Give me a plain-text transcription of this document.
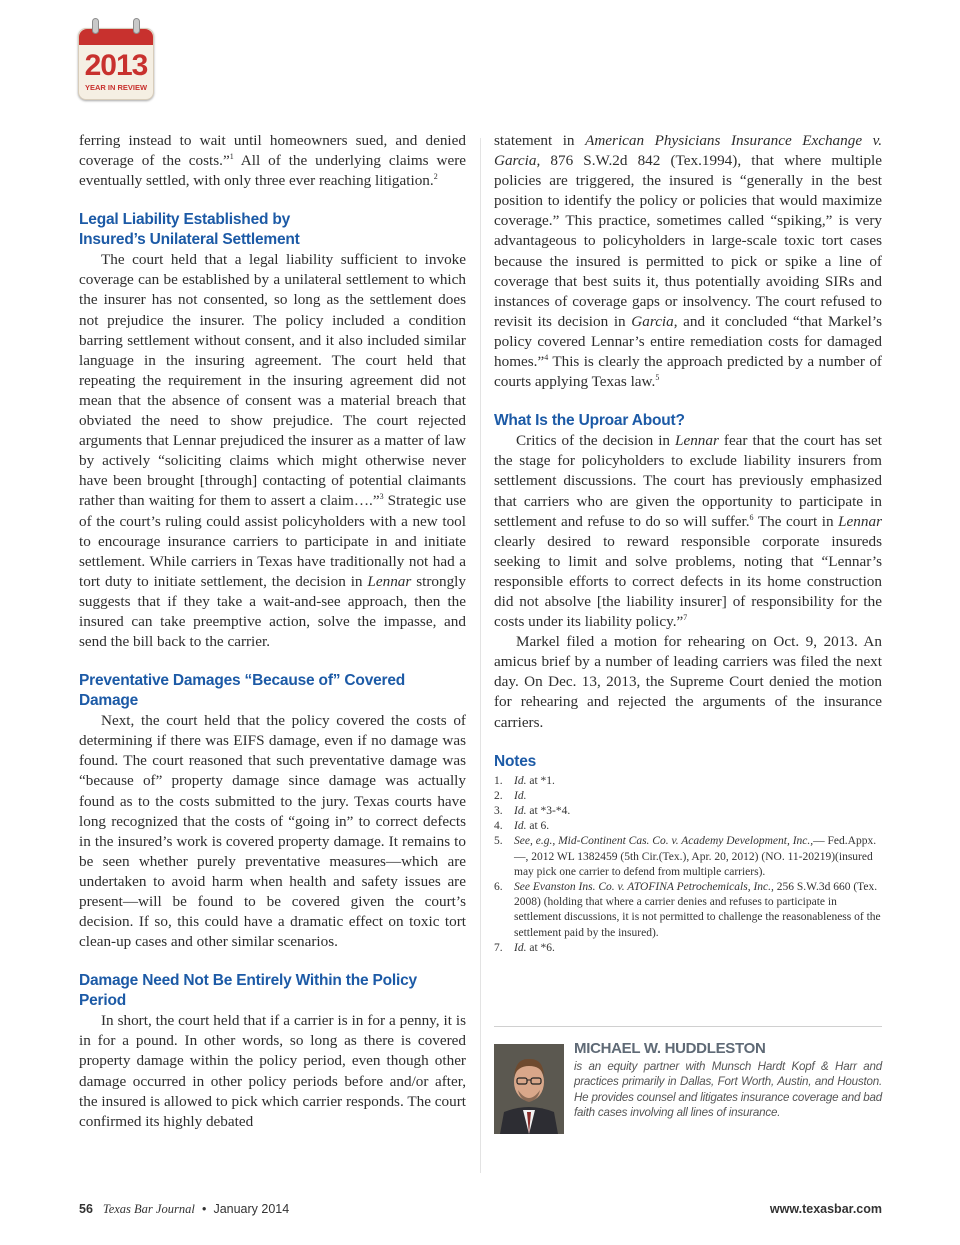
2013
YEAR IN REVIEW

ferring instead to wait until homeowners sued, and denied coverage of the costs.”$^1$ All of the underlying claims were eventually settled, with only three ever reaching litigation.$^2$

Legal Liability Established by
Insured’s Unilateral Settlement

The court held that a legal liability sufficient to invoke coverage can be established by a unilateral settlement to which the insurer has not consented, so long as the settlement does not prejudice the insurer. The policy included a condition barring settlement without consent, and it also included similar language in the insuring agreement. The court held that repeating the requirement in the insuring agreement did not mean that the absence of consent was a material breach that obviated the need to show prejudice. The court rejected arguments that Lennar prejudiced the insurer as a matter of law by actively “soliciting claims which might otherwise never have been brought [through] contacting of potential claimants rather than waiting for them to assert a claim….”$^3$ Strategic use of the court’s ruling could assist policyholders with a new tool to encourage insurance carriers to participate in and initiate settlement. While carriers in Texas have traditionally not had a tort duty to initiate settlement, the decision in Lennar strongly suggests that if they take a wait-and-see approach, then the insured can take preemptive action, solve the impasse, and send the bill back to the carrier.

Preventative Damages “Because of” Covered Damage

Next, the court held that the policy covered the costs of determining if there was EIFS damage, even if no damage was found. The court reasoned that such preventative damage was “because of” property damage since damage was actually found as to the costs submitted to the jury. Texas courts have long recognized that the costs of “going in” to correct defects in the insured’s work is covered property damage. It remains to be seen whether purely preventative measures—which are undertaken to avoid harm when health and safety issues are present—will be found to be covered given the court’s decision. If so, this could have a dramatic effect on toxic tort clean-up cases and other similar scenarios.

Damage Need Not Be Entirely Within the Policy Period

In short, the court held that if a carrier is in for a penny, it is in for a pound. In other words, so long as there is covered property damage within the policy period, even though other damage occurred in other policy periods before and/or after, the insured is allowed to pick which carrier responds. The court confirmed its highly debated

statement in American Physicians Insurance Exchange v. Garcia, 876 S.W.2d 842 (Tex.1994), that where multiple policies are triggered, the insured is “generally in the best position to identify the policy or policies that would maximize coverage.” This practice, sometimes called “spiking,” is very advantageous to policyholders in large-scale toxic tort cases because the insured is permitted to pick or spike a line of coverage that best suits it, thus potentially avoiding SIRs and instances of coverage gaps or insolvency. The court refused to revisit its decision in Garcia, and it concluded “that Markel’s policy covered Lennar’s entire remediation costs for damaged homes.”$^4$ This is clearly the approach predicted by a number of courts applying Texas law.$^5$

What Is the Uproar About?

Critics of the decision in Lennar fear that the court has set the stage for policyholders to exclude liability insurers from settlement discussions. The court has previously emphasized that carriers who are given the opportunity to participate in settlement and refuse to do so will suffer.$^6$ The court in Lennar clearly desired to reward responsible corporate insureds seeking to limit and solve problems, noting that “Lennar’s responsible efforts to correct defects in its home construction did not absolve [the liability insurer] of responsibility for the costs under its liability policy.”$^7$

Markel filed a motion for rehearing on Oct. 9, 2013. An amicus brief by a number of leading carriers was filed the next day. On Dec. 13, 2013, the Supreme Court denied the motion for rehearing and rejected the arguments of the insurance carriers.

Notes
1. Id. at *1.
2. Id.
3. Id. at *3-*4.
4. Id. at 6.
5. See, e.g., Mid-Continent Cas. Co. v. Academy Development, Inc.,— Fed.Appx.—, 2012 WL 1382459 (5th Cir.(Tex.), Apr. 20, 2012) (NO. 11-20219)(insured may pick one carrier to defend from multiple carriers).
6. See Evanston Ins. Co. v. ATOFINA Petrochemicals, Inc., 256 S.W.3d 660 (Tex. 2008) (holding that where a carrier denies and refuses to participate in settlement discussions, it is not permitted to challenge the reasonableness of the settlement paid by the insured).
7. Id. at *6.
MICHAEL W. HUDDLESTON
is an equity partner with Munsch Hardt Kopf & Harr and practices primarily in Dallas, Fort Worth, Austin, and Houston. He provides counsel and litigates insurance coverage and bad faith cases involving all lines of insurance.
56 Texas Bar Journal • January 2014	www.texasbar.com
